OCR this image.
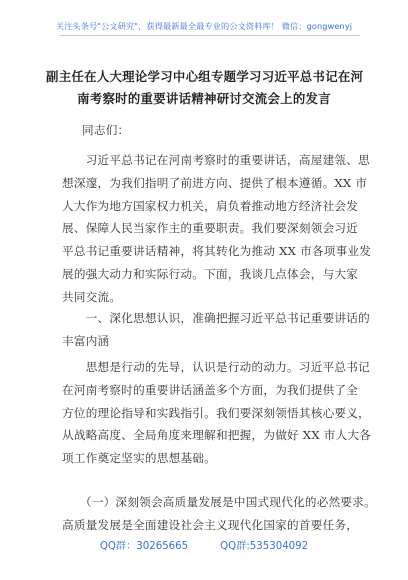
关注头条号"公文研究"，获得最新最全最专业的公文资料库！ 微信：gongwenyj
副主任在人大理论学习中心组专题学习习近平总书记在河
南考察时的重要讲话精神研讨交流会上的发言
同志们：
　　习近平总书记在河南考察时的重要讲话，高屋建瓴、思
想深邃，为我们指明了前进方向、提供了根本遵循。XX 市
人大作为地方国家权力机关，肩负着推动地方经济社会发
展、保障人民当家作主的重要职责。我们要深刻领会习近
平总书记重要讲话精神，将其转化为推动 XX 市各项事业发
展的强大动力和实际行动。下面，我谈几点体会，与大家
共同交流。
　　一、深化思想认识，准确把握习近平总书记重要讲话的
丰富内涵
　　思想是行动的先导，认识是行动的动力。习近平总书记
在河南考察时的重要讲话涵盖多个方面，为我们提供了全
方位的理论指导和实践指引。我们要深刻领悟其核心要义，
从战略高度、全局角度来理解和把握，为做好 XX 市人大各
项工作奠定坚实的思想基础。
　　（一）深刻领会高质量发展是中国式现代化的必然要求。
高质量发展是全面建设社会主义现代化国家的首要任务，
QQ群：30265665	QQ群:535304092
